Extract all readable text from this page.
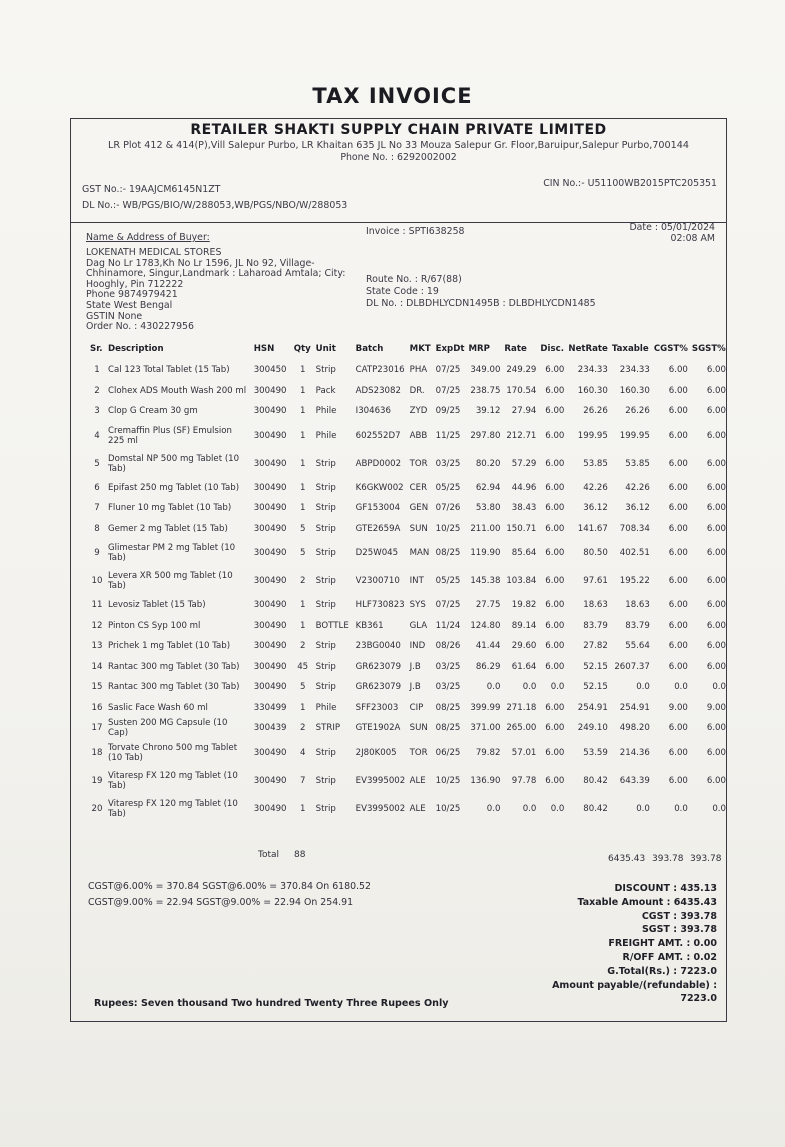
TAX INVOICE
RETAILER SHAKTI SUPPLY CHAIN PRIVATE LIMITED
LR Plot 412 & 414(P),Vill Salepur Purbo, LR Khaitan 635 JL No 33 Mouza Salepur Gr. Floor,Baruipur,Salepur Purbo,700144
Phone No. : 6292002002
GST No.:- 19AAJCM6145N1ZT
DL No.:- WB/PGS/BIO/W/288053,WB/PGS/NBO/W/288053
CIN No.:- U51100WB2015PTC205351
Name & Address of Buyer:
LOKENATH MEDICAL STORES
Dag No Lr 1783,Kh No Lr 1596, JL No 92, Village-
Chhinamore, Singur,Landmark : Laharoad Amtala; City:
Hooghly, Pin 712222
Phone 9874979421
State West Bengal
GSTIN None
Order No. : 430227956
Invoice : SPTI638258	Date : 05/01/2024
02:08 AM
Route No. : R/67(88)
State Code : 19
DL No. : DLBDHLYCDN1495B : DLBDHLYCDN1485
Sr.	Description	HSN	Qty	Unit	Batch	MKT	ExpDt	MRP	Rate	Disc.	NetRate	Taxable	CGST%	SGST%
1	Cal 123 Total Tablet (15 Tab)	300450	1	Strip	CATP23016	PHA	07/25	349.00	249.29	6.00	234.33	234.33	6.00	6.00
2	Clohex ADS Mouth Wash 200 ml	300490	1	Pack	ADS23082	DR.	07/25	238.75	170.54	6.00	160.30	160.30	6.00	6.00
3	Clop G Cream 30 gm	300490	1	Phile	I304636	ZYD	09/25	39.12	27.94	6.00	26.26	26.26	6.00	6.00
4	Cremaffin Plus (SF) Emulsion 225 ml	300490	1	Phile	602552D7	ABB	11/25	297.80	212.71	6.00	199.95	199.95	6.00	6.00
5	Domstal NP 500 mg Tablet (10 Tab)	300490	1	Strip	ABPD0002	TOR	03/25	80.20	57.29	6.00	53.85	53.85	6.00	6.00
6	Epifast 250 mg Tablet (10 Tab)	300490	1	Strip	K6GKW002	CER	05/25	62.94	44.96	6.00	42.26	42.26	6.00	6.00
7	Fluner 10 mg Tablet (10 Tab)	300490	1	Strip	GF153004	GEN	07/26	53.80	38.43	6.00	36.12	36.12	6.00	6.00
8	Gemer 2 mg Tablet (15 Tab)	300490	5	Strip	GTE2659A	SUN	10/25	211.00	150.71	6.00	141.67	708.34	6.00	6.00
9	Glimestar PM 2 mg Tablet (10 Tab)	300490	5	Strip	D25W045	MAN	08/25	119.90	85.64	6.00	80.50	402.51	6.00	6.00
10	Levera XR 500 mg Tablet (10 Tab)	300490	2	Strip	V2300710	INT	05/25	145.38	103.84	6.00	97.61	195.22	6.00	6.00
11	Levosiz Tablet (15 Tab)	300490	1	Strip	HLF730823	SYS	07/25	27.75	19.82	6.00	18.63	18.63	6.00	6.00
12	Pinton CS Syp 100 ml	300490	1	BOTTLE	KB361	GLA	11/24	124.80	89.14	6.00	83.79	83.79	6.00	6.00
13	Prichek 1 mg Tablet (10 Tab)	300490	2	Strip	23BG0040	IND	08/26	41.44	29.60	6.00	27.82	55.64	6.00	6.00
14	Rantac 300 mg Tablet (30 Tab)	300490	45	Strip	GR623079	J.B	03/25	86.29	61.64	6.00	52.15	2607.37	6.00	6.00
15	Rantac 300 mg Tablet (30 Tab)	300490	5	Strip	GR623079	J.B	03/25	0.0	0.0	0.0	52.15	0.0	0.0	0.0
16	Saslic Face Wash 60 ml	330499	1	Phile	SFF23003	CIP	08/25	399.99	271.18	6.00	254.91	254.91	9.00	9.00
17	Susten 200 MG Capsule (10 Cap)	300439	2	STRIP	GTE1902A	SUN	08/25	371.00	265.00	6.00	249.10	498.20	6.00	6.00
18	Torvate Chrono 500 mg Tablet (10 Tab)	300490	4	Strip	2J80K005	TOR	06/25	79.82	57.01	6.00	53.59	214.36	6.00	6.00
19	Vitaresp FX 120 mg Tablet (10 Tab)	300490	7	Strip	EV3995002	ALE	10/25	136.90	97.78	6.00	80.42	643.39	6.00	6.00
20	Vitaresp FX 120 mg Tablet (10 Tab)	300490	1	Strip	EV3995002	ALE	10/25	0.0	0.0	0.0	80.42	0.0	0.0	0.0
Total 88	6435.43 393.78 393.78
CGST@6.00% = 370.84 SGST@6.00% = 370.84 On 6180.52
CGST@9.00% = 22.94 SGST@9.00% = 22.94 On 254.91
DISCOUNT : 435.13
Taxable Amount : 6435.43
CGST : 393.78
SGST : 393.78
FREIGHT AMT. : 0.00
R/OFF AMT. : 0.02
G.Total(Rs.) : 7223.0
Amount payable/(refundable) :
7223.0
Rupees: Seven thousand Two hundred Twenty Three Rupees Only
